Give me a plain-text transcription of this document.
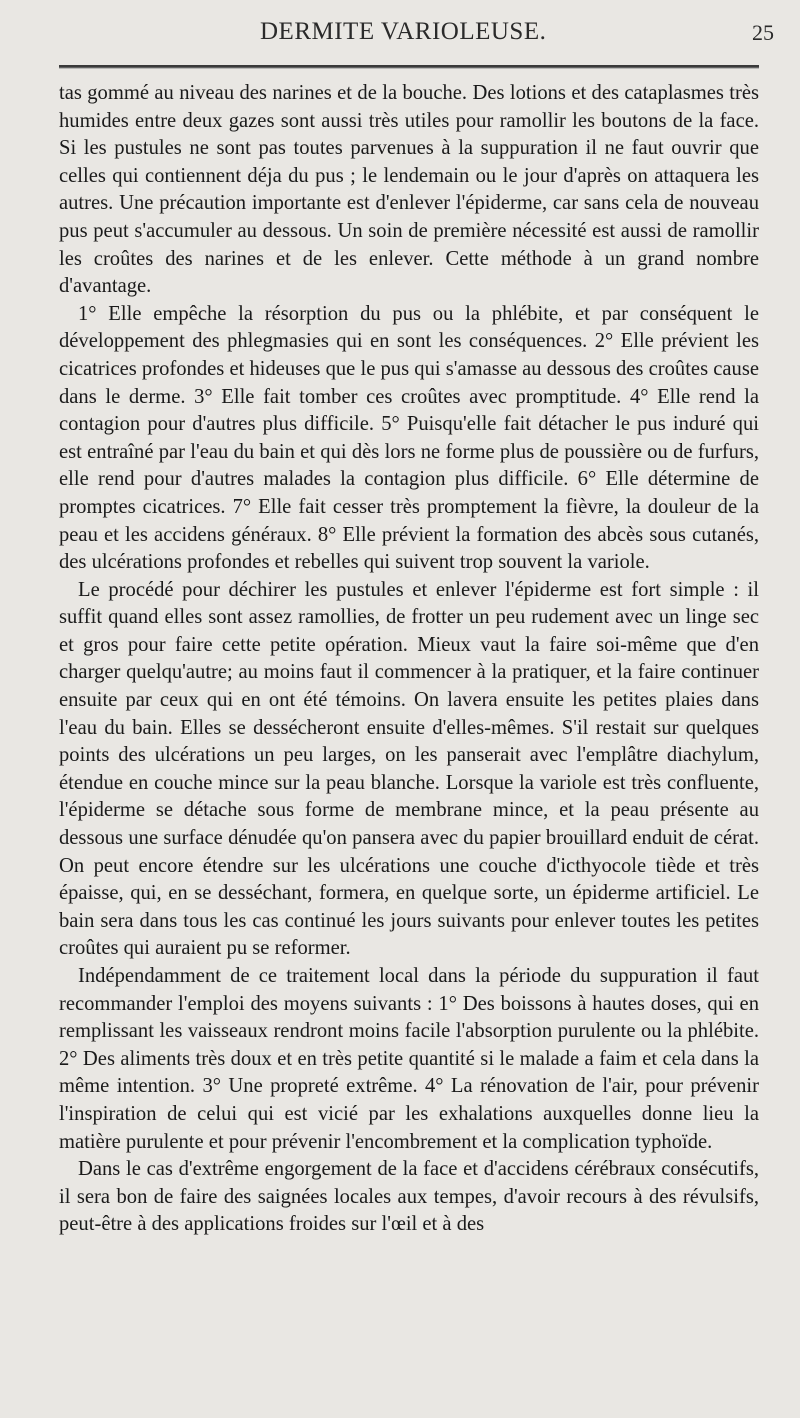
DERMITE VARIOLEUSE.	25

tas gommé au niveau des narines et de la bouche. Des lotions et des cataplasmes très humides entre deux gazes sont aussi très utiles pour ramollir les boutons de la face. Si les pustules ne sont pas toutes parvenues à la suppuration il ne faut ouvrir que celles qui contiennent déja du pus ; le lendemain ou le jour d'après on attaquera les autres. Une précaution importante est d'enlever l'épiderme, car sans cela de nouveau pus peut s'accumuler au dessous. Un soin de première nécessité est aussi de ramollir les croûtes des narines et de les enlever. Cette méthode à un grand nombre d'avantage.

1° Elle empêche la résorption du pus ou la phlébite, et par conséquent le développement des phlegmasies qui en sont les conséquences. 2° Elle prévient les cicatrices profondes et hideuses que le pus qui s'amasse au dessous des croûtes cause dans le derme. 3° Elle fait tomber ces croûtes avec promptitude. 4° Elle rend la contagion pour d'autres plus difficile. 5° Puisqu'elle fait détacher le pus induré qui est entraîné par l'eau du bain et qui dès lors ne forme plus de poussière ou de furfurs, elle rend pour d'autres malades la contagion plus difficile. 6° Elle détermine de promptes cicatrices. 7° Elle fait cesser très promptement la fièvre, la douleur de la peau et les accidens généraux. 8° Elle prévient la formation des abcès sous cutanés, des ulcérations profondes et rebelles qui suivent trop souvent la variole.

Le procédé pour déchirer les pustules et enlever l'épiderme est fort simple : il suffit quand elles sont assez ramollies, de frotter un peu rudement avec un linge sec et gros pour faire cette petite opération. Mieux vaut la faire soi-même que d'en charger quelqu'autre; au moins faut il commencer à la pratiquer, et la faire continuer ensuite par ceux qui en ont été témoins. On lavera ensuite les petites plaies dans l'eau du bain. Elles se dessécheront ensuite d'elles-mêmes. S'il restait sur quelques points des ulcérations un peu larges, on les panserait avec l'emplâtre diachylum, étendue en couche mince sur la peau blanche. Lorsque la variole est très confluente, l'épiderme se détache sous forme de membrane mince, et la peau présente au dessous une surface dénudée qu'on pansera avec du papier brouillard enduit de cérat. On peut encore étendre sur les ulcérations une couche d'icthyocole tiède et très épaisse, qui, en se desséchant, formera, en quelque sorte, un épiderme artificiel. Le bain sera dans tous les cas continué les jours suivants pour enlever toutes les petites croûtes qui auraient pu se reformer.

Indépendamment de ce traitement local dans la période du suppuration il faut recommander l'emploi des moyens suivants : 1° Des boissons à hautes doses, qui en remplissant les vaisseaux rendront moins facile l'absorption purulente ou la phlébite. 2° Des aliments très doux et en très petite quantité si le malade a faim et cela dans la même intention. 3° Une propreté extrême. 4° La rénovation de l'air, pour prévenir l'inspiration de celui qui est vicié par les exhalations auxquelles donne lieu la matière purulente et pour prévenir l'encombrement et la complication typhoïde.

Dans le cas d'extrême engorgement de la face et d'accidens cérébraux consécutifs, il sera bon de faire des saignées locales aux tempes, d'avoir recours à des révulsifs, peut-être à des applications froides sur l'œil et à des
